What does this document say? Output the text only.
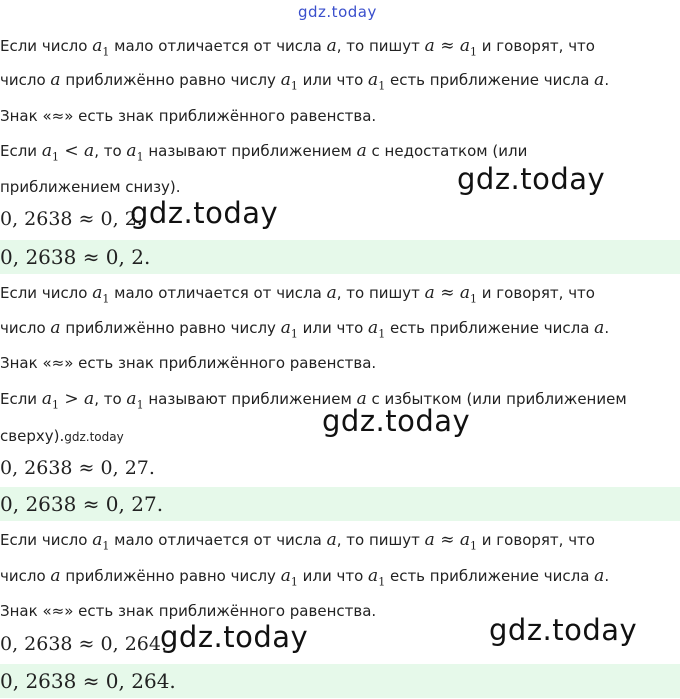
gdz.today
Если число $a_1$ мало отличается от числа a, то пишут $a \approx a_1$ и говорят, что
число a приближённо равно числу $a_1$ или что $a_1$ есть приближение числа a.
Знак «≈» есть знак приближённого равенства.
Если $a_1 < a$, то $a_1$ называют приближением a с недостатком (или
приближением снизу).	gdz.today
0, 2638 ≈ 0, 2.
gdz.today
0, 2638 ≈ 0, 2.
Если число $a_1$ мало отличается от числа a, то пишут $a \approx a_1$ и говорят, что
число a приближённо равно числу $a_1$ или что $a_1$ есть приближение числа a.
Знак «≈» есть знак приближённого равенства.
Если $a_1 > a$, то $a_1$ называют приближением a с избытком (или приближением
сверху).gdz.today	gdz.today
0, 2638 ≈ 0, 27.
0, 2638 ≈ 0, 27.
Если число $a_1$ мало отличается от числа a, то пишут $a \approx a_1$ и говорят, что
число a приближённо равно числу $a_1$ или что $a_1$ есть приближение числа a.
Знак «≈» есть знак приближённого равенства.
0, 2638 ≈ 0, 264.
gdz.today	gdz.today
0, 2638 ≈ 0, 264.
